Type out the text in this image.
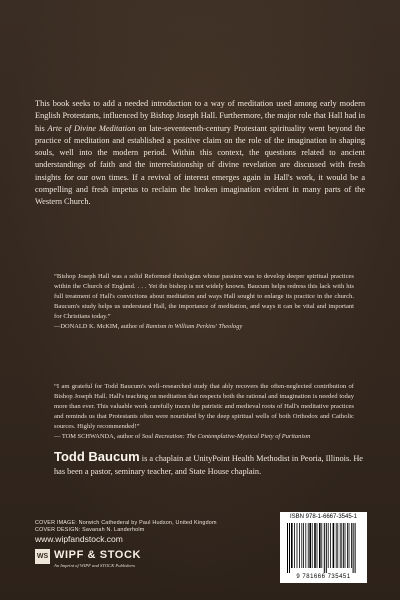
This book seeks to add a needed introduction to a way of meditation used among early modern English Protestants, influenced by Bishop Joseph Hall. Furthermore, the major role that Hall had in his Arte of Divine Meditation on late-seventeenth-century Protestant spirituality went beyond the practice of meditation and established a positive claim on the role of the imagination in shaping souls, well into the modern period. Within this context, the questions related to ancient understandings of faith and the interrelationship of divine revelation are discussed with fresh insights for our own times. If a revival of interest emerges again in Hall's work, it would be a compelling and fresh impetus to reclaim the broken imagination evident in many parts of the Western Church.

“Bishop Joseph Hall was a solid Reformed theologian whose passion was to develop deeper spiritual practices within the Church of England. . . . Yet the bishop is not widely known. Baucum helps redress this lack with his full treatment of Hall's convictions about meditation and ways Hall sought to enlarge its practice in the church. Baucum's study helps us understand Hall, the importance of meditation, and ways it can be vital and important for Christians today.”

—DONALD K. McKIM, author of Ramism in William Perkins' Theology

“I am grateful for Todd Baucum's well–researched study that ably recovers the often-neglected contribution of Bishop Joseph Hall. Hall's teaching on meditation that respects both the rational and imagination is needed today more than ever. This valuable work carefully traces the patristic and medieval roots of Hall's meditative practices and reminds us that Protestants often were nourished by the deep spiritual wells of both Orthodox and Catholic sources. Highly recommended!”

— TOM SCHWANDA, author of Soul Recreation: The Contemplative-Mystical Piety of Puritanism

Todd Baucum is a chaplain at UnityPoint Health Methodist in Peoria, Illinois. He has been a pastor, seminary teacher, and State House chaplain.
COVER IMAGE: Norwich Cathederal by Paul Hudson, United Kingdom
COVER DESIGN: Savanah N. Landerholm
www.wipfandstock.com
WS WIPF & STOCK
An Imprint of WIPF and STOCK Publishers
ISBN 978-1-6667-3545-1
9 781666 735451
